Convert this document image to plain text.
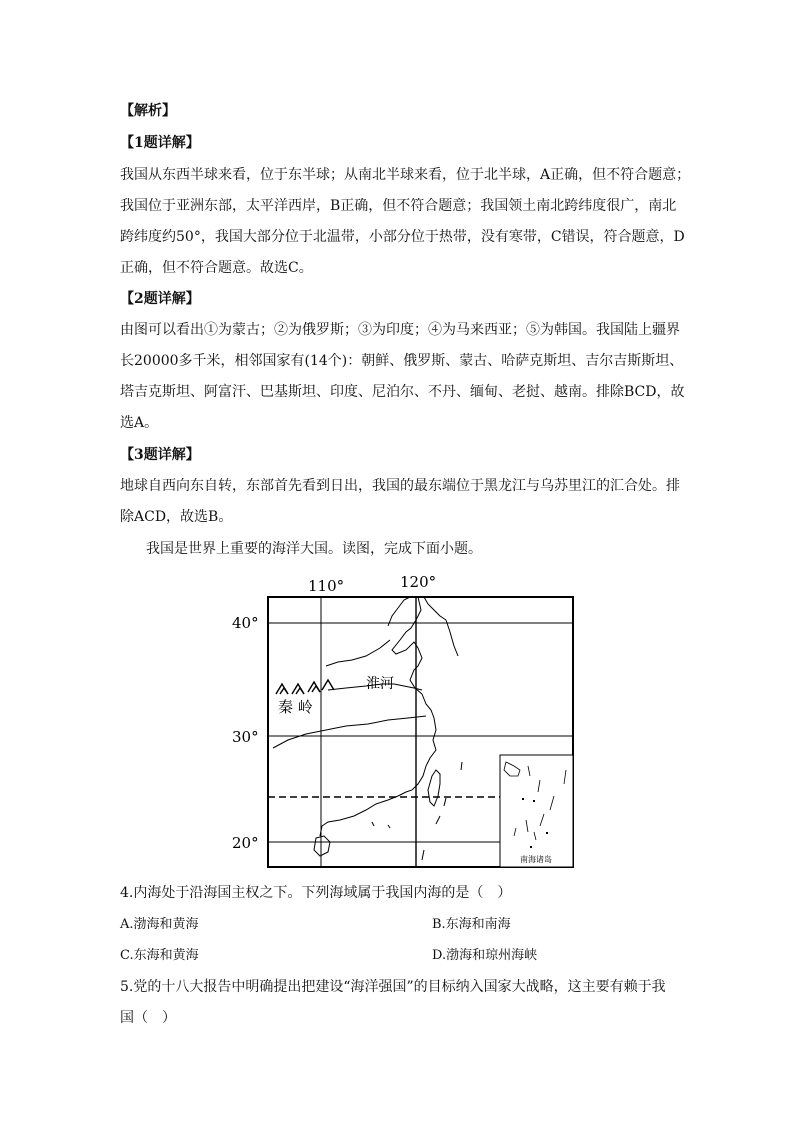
【解析】
【1题详解】
我国从东西半球来看，位于东半球；从南北半球来看，位于北半球，A正确，但不符合题意；
我国位于亚洲东部，太平洋西岸，B正确，但不符合题意；我国领土南北跨纬度很广，南北
跨纬度约50°，我国大部分位于北温带，小部分位于热带，没有寒带，C错误，符合题意，D
正确，但不符合题意。故选C。
【2题详解】
由图可以看出①为蒙古；②为俄罗斯；③为印度；④为马来西亚；⑤为韩国。我国陆上疆界
长20000多千米，相邻国家有(14个)：朝鲜、俄罗斯、蒙古、哈萨克斯坦、吉尔吉斯斯坦、
塔吉克斯坦、阿富汗、巴基斯坦、印度、尼泊尔、不丹、缅甸、老挝、越南。排除BCD，故
选A。
【3题详解】
地球自西向东自转，东部首先看到日出，我国的最东端位于黑龙江与乌苏里江的汇合处。排
除ACD，故选B。
我国是世界上重要的海洋大国。读图，完成下面小题。
南海诸岛
110°	120°
40°
30°
20°
淮河
秦 岭
4.内海处于沿海国主权之下。下列海域属于我国内海的是（　）
A.渤海和黄海	B.东海和南海
C.东海和黄海	D.渤海和琼州海峡
5.党的十八大报告中明确提出把建设“海洋强国”的目标纳入国家大战略，这主要有赖于我
国（　）
